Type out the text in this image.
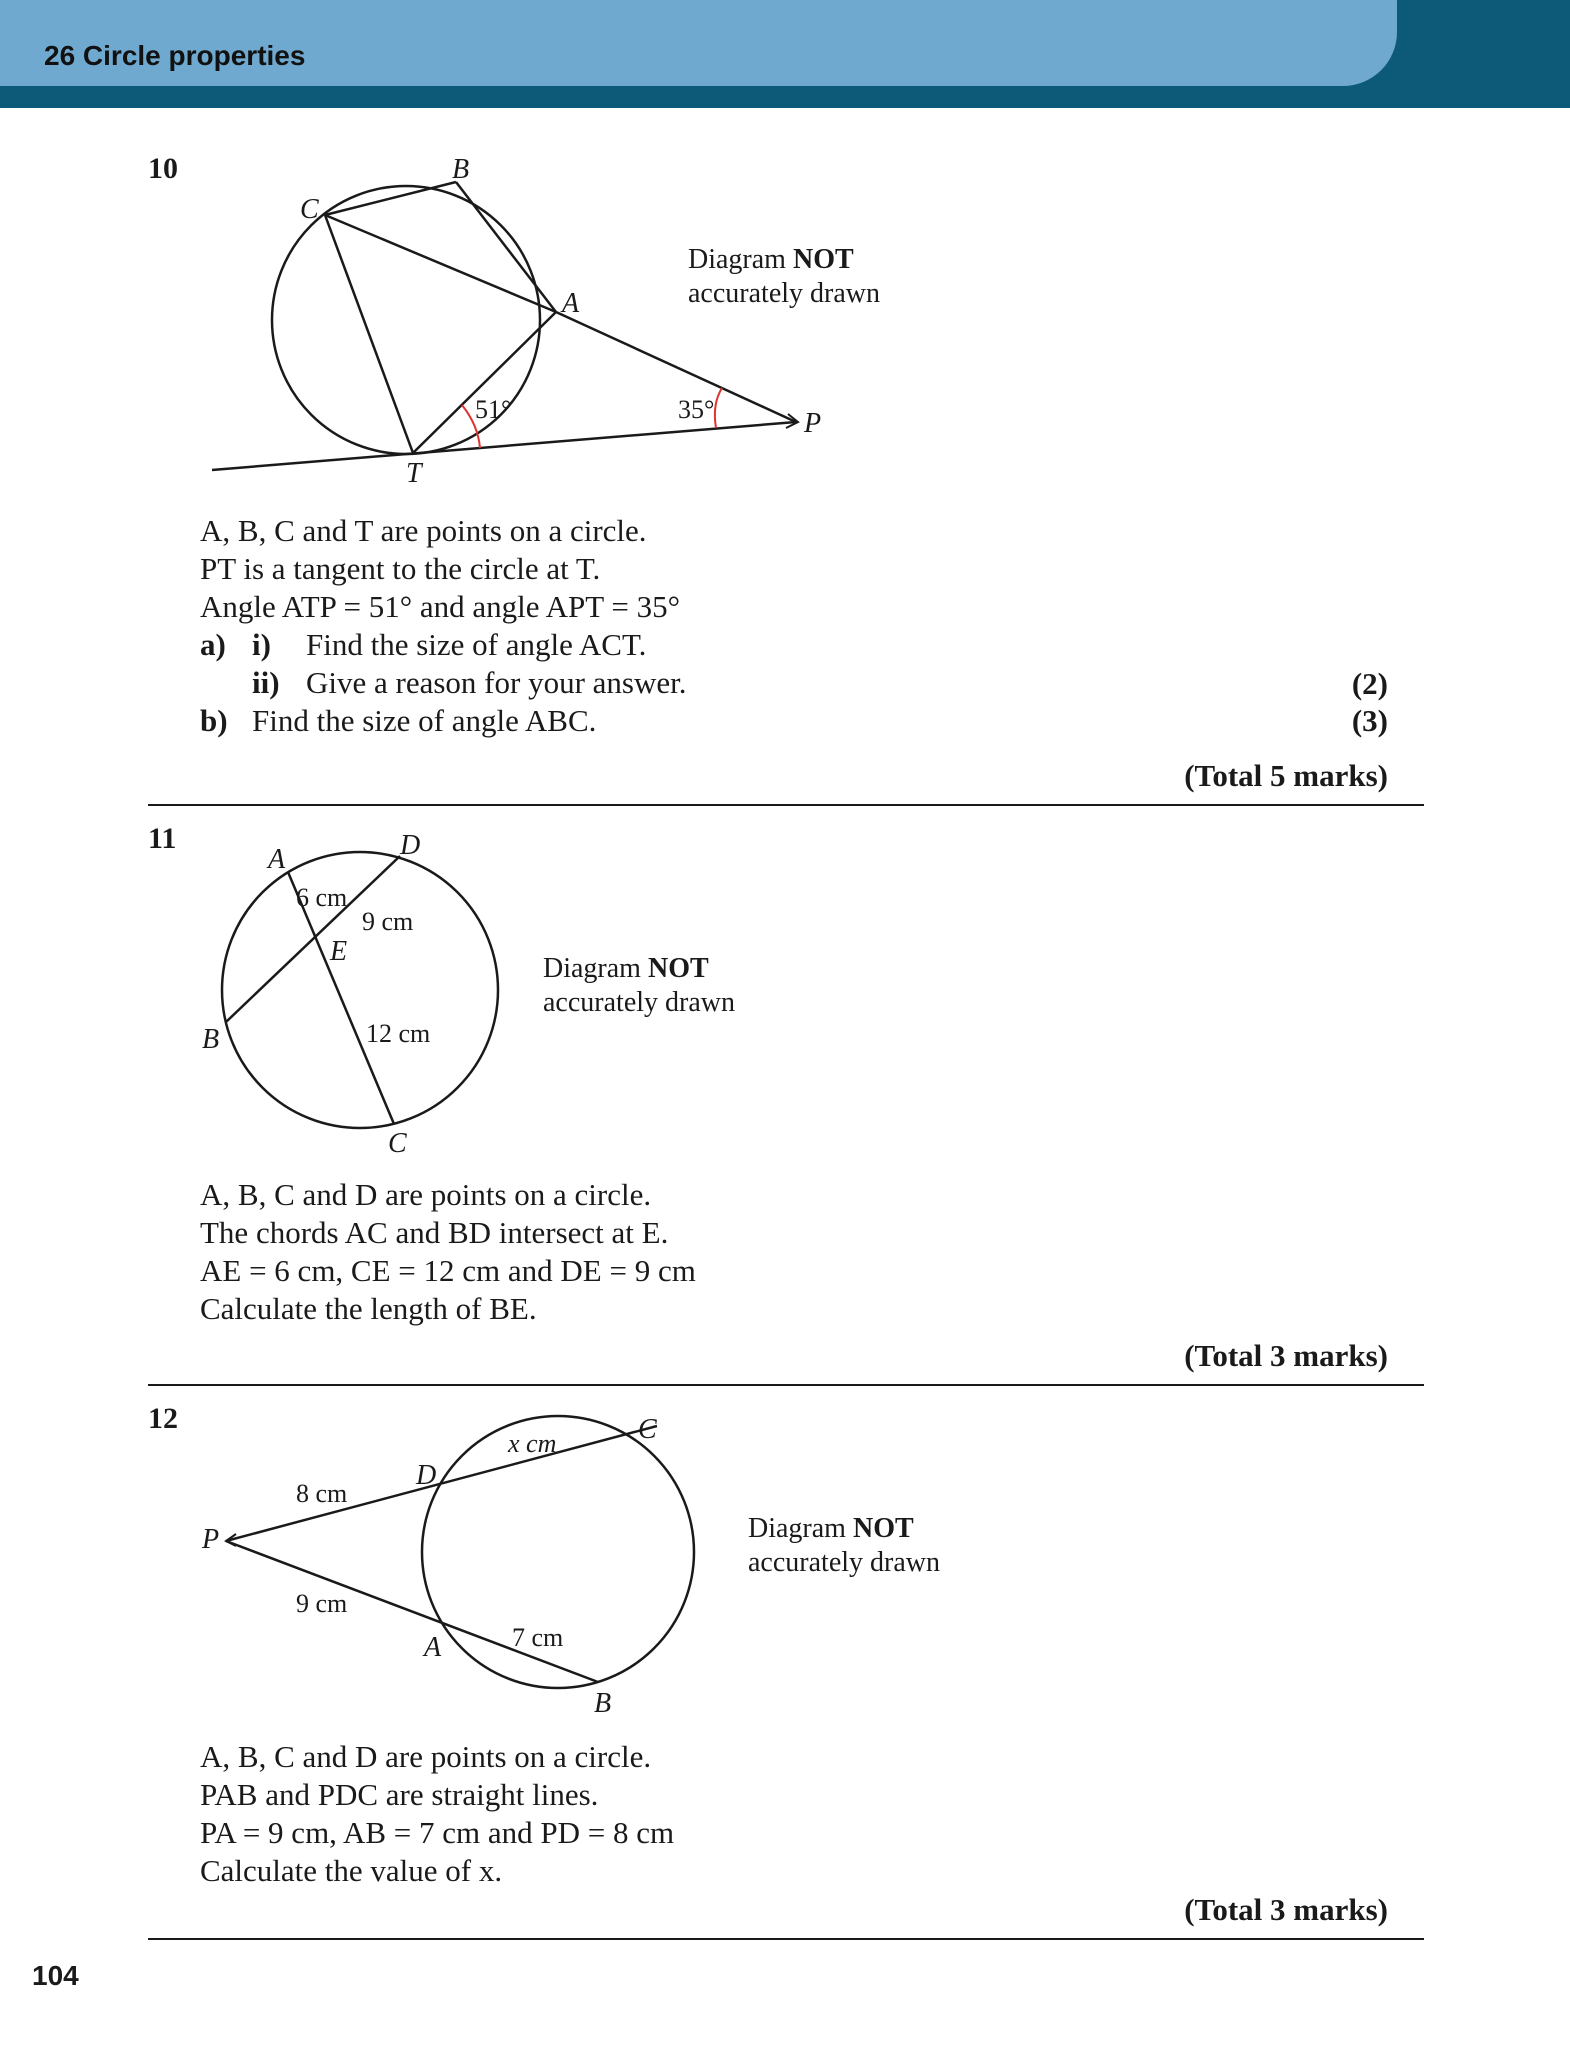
26 Circle properties
10	B
C
A
T
P
51°	35°
Diagram NOT
accurately drawn
A, B, C and T are points on a circle.
PT is a tangent to the circle at T.
Angle ATP = 51° and angle APT = 35°
a) i) Find the size of angle ACT.
ii) Give a reason for your answer.
b) Find the size of angle ABC.
(2)
(3)
(Total 5 marks)
11
A	D
B
C
E
6 cm
9 cm
12 cm
Diagram NOT
accurately drawn
A, B, C and D are points on a circle.
The chords AC and BD intersect at E.
AE = 6 cm, CE = 12 cm and DE = 9 cm
Calculate the length of BE.
(Total 3 marks)
12
P
D
C
A
B
8 cm
9 cm
7 cm
x cm
Diagram NOT
accurately drawn
A, B, C and D are points on a circle.
PAB and PDC are straight lines.
PA = 9 cm, AB = 7 cm and PD = 8 cm
Calculate the value of x.
(Total 3 marks)
104
